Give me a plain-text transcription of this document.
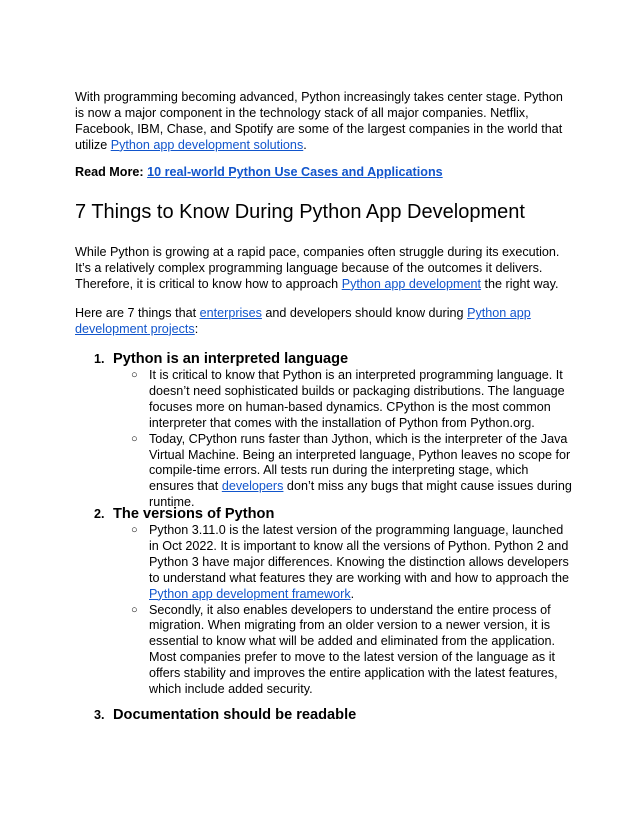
With programming becoming advanced, Python increasingly takes center stage. Python is now a major component in the technology stack of all major companies. Netflix, Facebook, IBM, Chase, and Spotify are some of the largest companies in the world that utilize Python app development solutions.

Read More: 10 real-world Python Use Cases and Applications

7 Things to Know During Python App Development

While Python is growing at a rapid pace, companies often struggle during its execution. It’s a relatively complex programming language because of the outcomes it delivers. Therefore, it is critical to know how to approach Python app development the right way.

Here are 7 things that enterprises and developers should know during Python app development projects:

1. Python is an interpreted language
○ It is critical to know that Python is an interpreted programming language. It doesn’t need sophisticated builds or packaging distributions. The language focuses more on human-based dynamics. CPython is the most common interpreter that comes with the installation of Python from Python.org.

○ Today, CPython runs faster than Jython, which is the interpreter of the Java Virtual Machine. Being an interpreted language, Python leaves no scope for compile-time errors. All tests run during the interpreting stage, which ensures that developers don’t miss any bugs that might cause issues during runtime.

2. The versions of Python
○ Python 3.11.0 is the latest version of the programming language, launched in Oct 2022. It is important to know all the versions of Python. Python 2 and Python 3 have major differences. Knowing the distinction allows developers to understand what features they are working with and how to approach the Python app development framework.

○ Secondly, it also enables developers to understand the entire process of migration. When migrating from an older version to a newer version, it is essential to know what will be added and eliminated from the application. Most companies prefer to move to the latest version of the language as it offers stability and improves the entire application with the latest features, which include added security.

3. Documentation should be readable
